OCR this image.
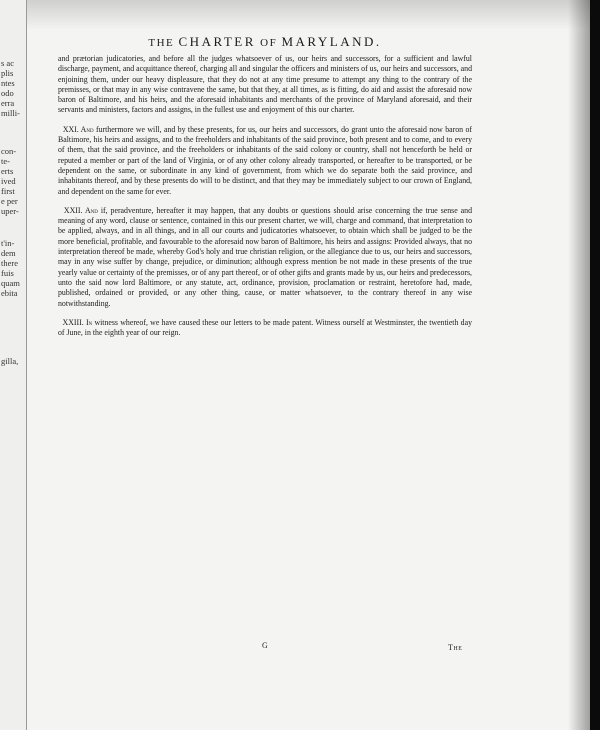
s ac
plis
ntes
odo
erra
milli-
con-
te-
erts
ived
first
e per
uper-
t'in-
dem
there
fuis
quam
ebita
gilla,
THE CHARTER OF MARYLAND.

and prætorian judicatories, and before all the judges whatsoever of us, our heirs and successors, for a sufficient and lawful discharge, payment, and acquittance thereof, charging all and singular the officers and ministers of us, our heirs and successors, and enjoining them, under our heavy displeasure, that they do not at any time presume to attempt any thing to the contrary of the premisses, or that may in any wise contravene the same, but that they, at all times, as is fitting, do aid and assist the aforesaid now baron of Baltimore, and his heirs, and the aforesaid inhabitants and merchants of the province of Maryland aforesaid, and their servants and ministers, factors and assigns, in the fullest use and enjoyment of this our charter.

XXI. And furthermore we will, and by these presents, for us, our heirs and successors, do grant unto the aforesaid now baron of Baltimore, his heirs and assigns, and to the freeholders and inhabitants of the said province, both present and to come, and to every of them, that the said province, and the freeholders or inhabitants of the said colony or country, shall not henceforth be held or reputed a member or part of the land of Virginia, or of any other colony already transported, or hereafter to be transported, or be dependent on the same, or subordinate in any kind of government, from which we do separate both the said province, and inhabitants thereof, and by these presents do will to be distinct, and that they may be immediately subject to our crown of England, and dependent on the same for ever.

XXII. And if, peradventure, hereafter it may happen, that any doubts or questions should arise concerning the true sense and meaning of any word, clause or sentence, contained in this our present charter, we will, charge and command, that interpretation to be applied, always, and in all things, and in all our courts and judicatories whatsoever, to obtain which shall be judged to be the more beneficial, profitable, and favourable to the aforesaid now baron of Baltimore, his heirs and assigns: Provided always, that no interpretation thereof be made, whereby God's holy and true christian religion, or the allegiance due to us, our heirs and successors, may in any wise suffer by change, prejudice, or diminution; although express mention be not made in these presents of the true yearly value or certainty of the premisses, or of any part thereof, or of other gifts and grants made by us, our heirs and predecessors, unto the said now lord Baltimore, or any statute, act, ordinance, provision, proclamation or restraint, heretofore had, made, published, ordained or provided, or any other thing, cause, or matter whatsoever, to the contrary thereof in any wise notwithstanding.

XXIII. In witness whereof, we have caused these our letters to be made patent. Witness ourself at Westminster, the twentieth day of June, in the eighth year of our reign.

G	The
